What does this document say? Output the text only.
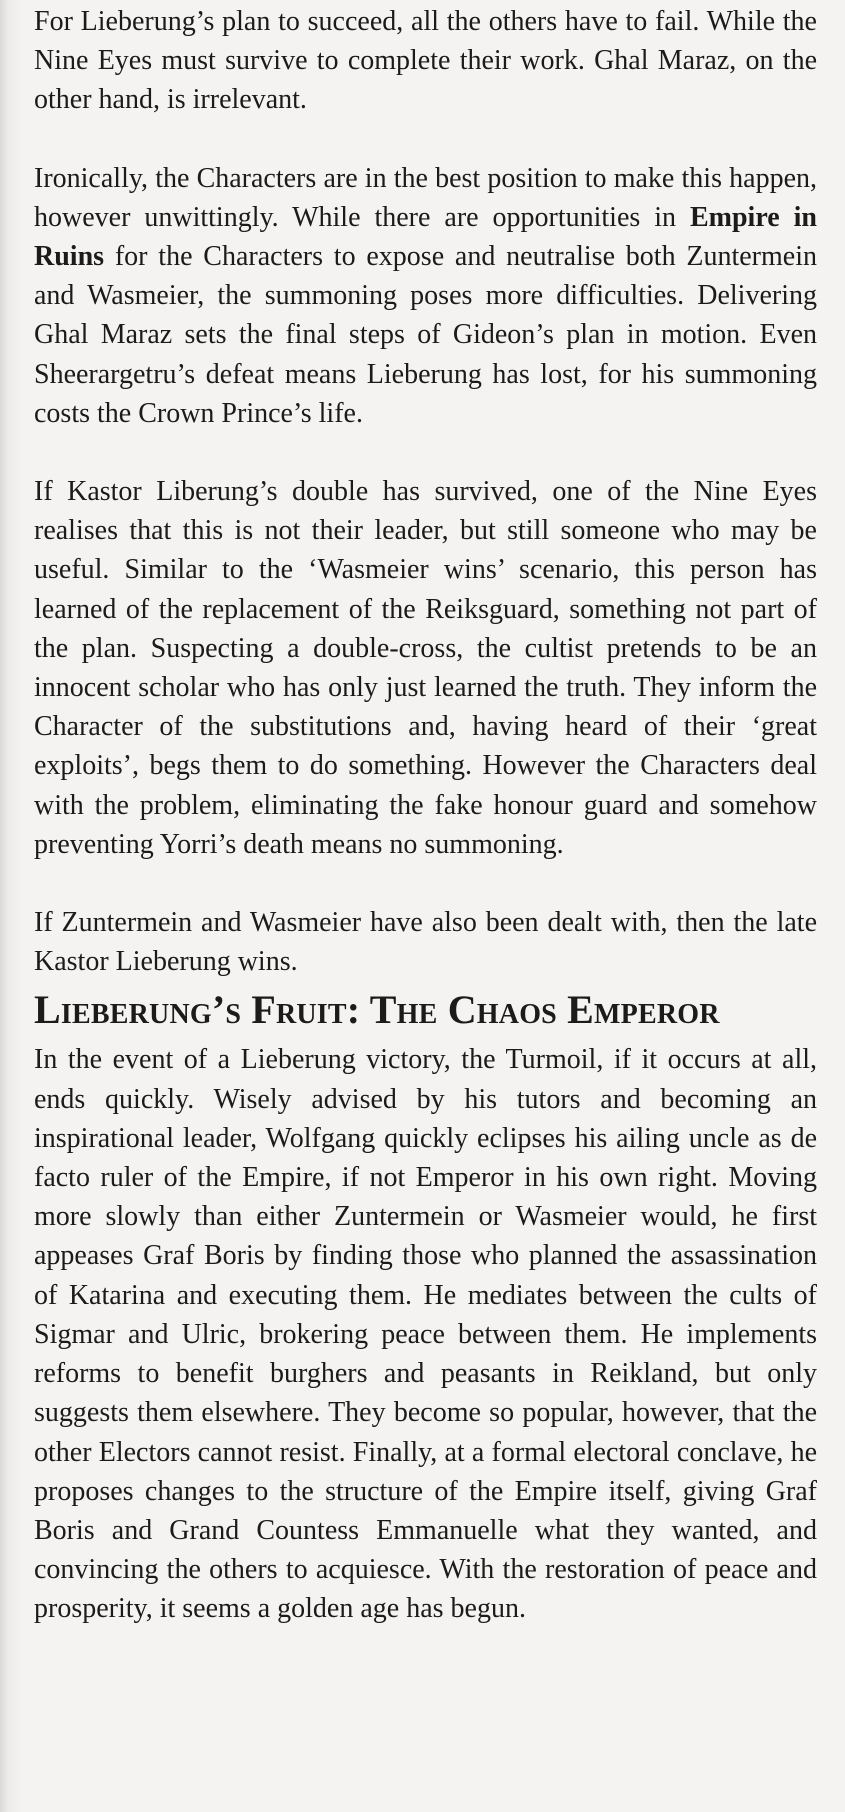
For Lieberung’s plan to succeed, all the others have to fail. While the Nine Eyes must survive to complete their work. Ghal Maraz, on the other hand, is irrelevant.

Ironically, the Characters are in the best position to make this happen, however unwittingly. While there are opportunities in Empire in Ruins for the Characters to expose and neutralise both Zuntermein and Wasmeier, the summoning poses more difficulties. Delivering Ghal Maraz sets the final steps of Gideon’s plan in motion. Even Sheerargetru’s defeat means Lieberung has lost, for his summoning costs the Crown Prince’s life.

If Kastor Liberung’s double has survived, one of the Nine Eyes realises that this is not their leader, but still someone who may be useful. Similar to the ‘Wasmeier wins’ scenario, this person has learned of the replacement of the Reiksguard, something not part of the plan. Suspecting a double-cross, the cultist pretends to be an innocent scholar who has only just learned the truth. They inform the Character of the substitutions and, having heard of their ‘great exploits’, begs them to do something. However the Characters deal with the problem, eliminating the fake honour guard and somehow preventing Yorri’s death means no summoning.

If Zuntermein and Wasmeier have also been dealt with, then the late Kastor Lieberung wins.

Lieberung’s Fruit: The Chaos Emperor

In the event of a Lieberung victory, the Turmoil, if it occurs at all, ends quickly. Wisely advised by his tutors and becoming an inspirational leader, Wolfgang quickly eclipses his ailing uncle as de facto ruler of the Empire, if not Emperor in his own right. Moving more slowly than either Zuntermein or Wasmeier would, he first appeases Graf Boris by finding those who planned the assassination of Katarina and executing them. He mediates between the cults of Sigmar and Ulric, brokering peace between them. He implements reforms to benefit burghers and peasants in Reikland, but only suggests them elsewhere. They become so popular, however, that the other Electors cannot resist. Finally, at a formal electoral conclave, he proposes changes to the structure of the Empire itself, giving Graf Boris and Grand Countess Emmanuelle what they wanted, and convincing the others to acquiesce. With the restoration of peace and prosperity, it seems a golden age has begun.
